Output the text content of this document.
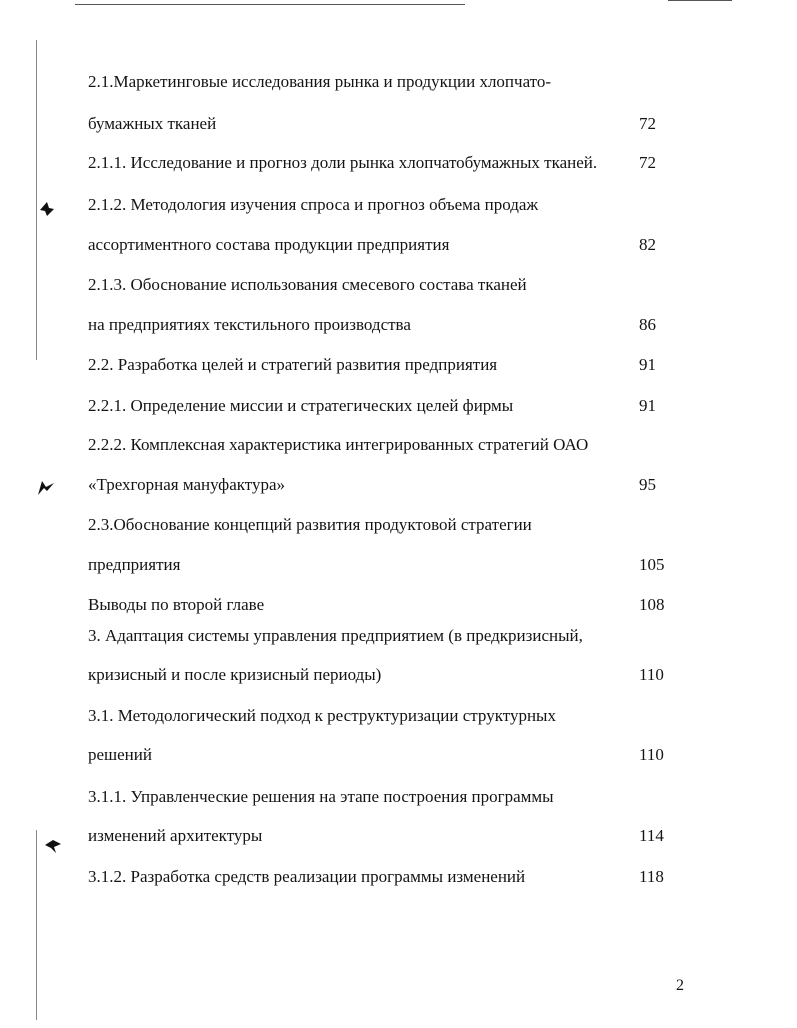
2.1.Маркетинговые исследования рынка и продукции хлопчато-
бумажных тканей	72
2.1.1. Исследование и прогноз доли рынка хлопчатобумажных тканей. 72
2.1.2. Методология изучения спроса и прогноз объема продаж
ассортиментного состава продукции предприятия	82
2.1.3. Обоснование использования смесевого состава тканей
на предприятиях текстильного производства	86
2.2. Разработка целей и стратегий развития предприятия	91
2.2.1. Определение миссии и стратегических целей фирмы	91
2.2.2. Комплексная характеристика интегрированных стратегий ОАО
«Трехгорная мануфактура»	95
2.3.Обоснование концепций развития продуктовой стратегии
предприятия	105
Выводы по второй главе	108
3. Адаптация системы управления предприятием (в предкризисный,
кризисный и после кризисный периоды)	110
3.1. Методологический подход к реструктуризации структурных
решений	110
3.1.1. Управленческие решения на этапе построения программы
изменений архитектуры	114
3.1.2. Разработка средств реализации программы изменений	118
2
